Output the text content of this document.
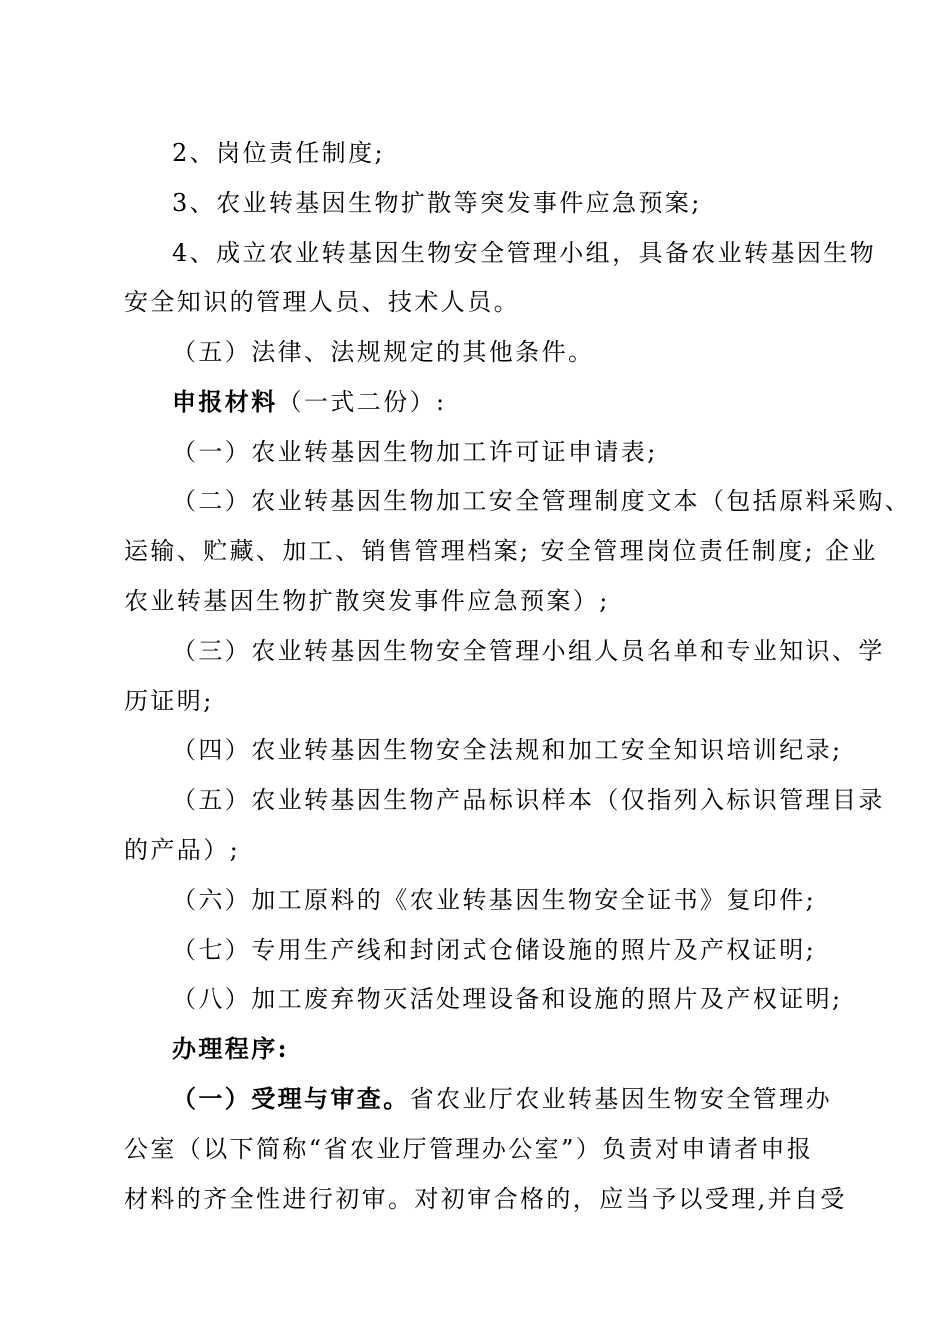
2、岗位责任制度;
3、农业转基因生物扩散等突发事件应急预案;
4、成立农业转基因生物安全管理小组，具备农业转基因生物
安全知识的管理人员、技术人员。
（五）法律、法规规定的其他条件。
申报材料（一式二份）:
（一）农业转基因生物加工许可证申请表;
（二）农业转基因生物加工安全管理制度文本（包括原料采购、
运输、贮藏、加工、销售管理档案; 安全管理岗位责任制度; 企业
农业转基因生物扩散突发事件应急预案）;
（三）农业转基因生物安全管理小组人员名单和专业知识、学
历证明;
（四）农业转基因生物安全法规和加工安全知识培训纪录;
（五）农业转基因生物产品标识样本（仅指列入标识管理目录
的产品）;
（六）加工原料的《农业转基因生物安全证书》复印件;
（七）专用生产线和封闭式仓储设施的照片及产权证明;
（八）加工废弃物灭活处理设备和设施的照片及产权证明;
办理程序:
（一）受理与审查。省农业厅农业转基因生物安全管理办
公室（以下简称“省农业厅管理办公室”）负责对申请者申报
材料的齐全性进行初审。对初审合格的，应当予以受理,并自受
